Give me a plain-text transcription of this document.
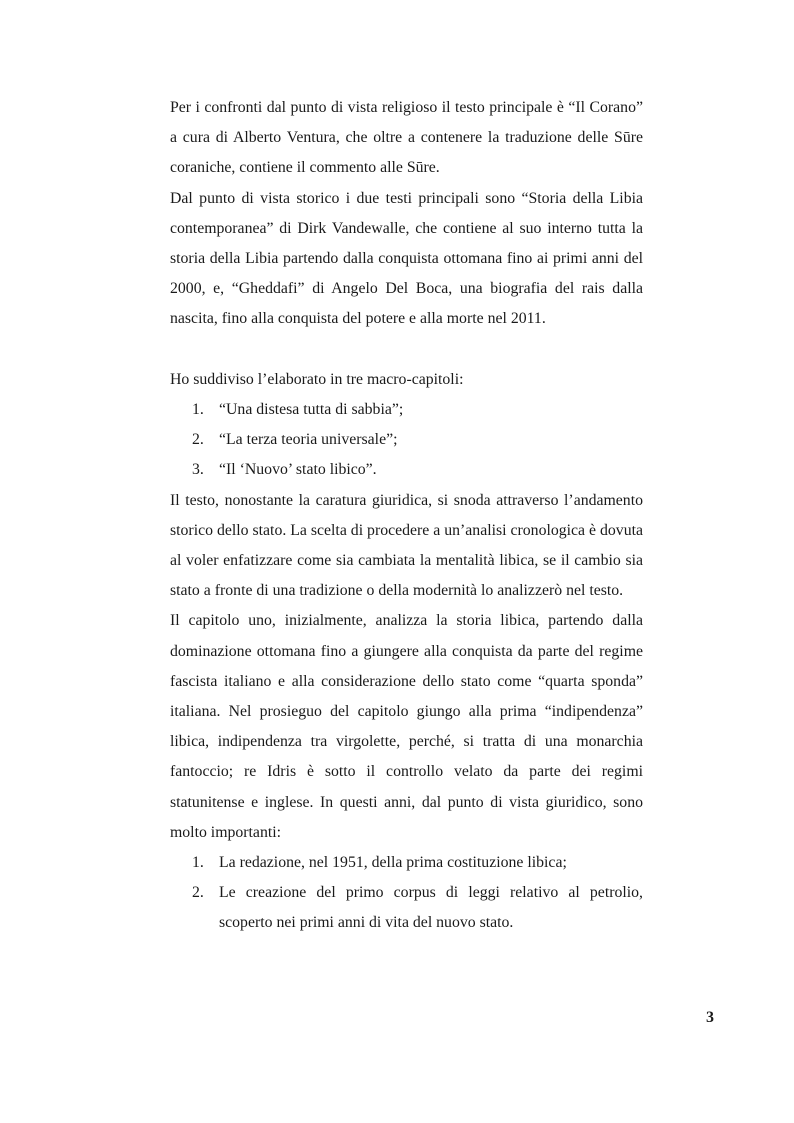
Per i confronti dal punto di vista religioso il testo principale è “Il Corano” a cura di Alberto Ventura, che oltre a contenere la traduzione delle Sūre coraniche, contiene il commento alle Sūre.

Dal punto di vista storico i due testi principali sono “Storia della Libia contemporanea” di Dirk Vandewalle, che contiene al suo interno tutta la storia della Libia partendo dalla conquista ottomana fino ai primi anni del 2000, e, “Gheddafi” di Angelo Del Boca, una biografia del rais dalla nascita, fino alla conquista del potere e alla morte nel 2011.

Ho suddiviso l’elaborato in tre macro-capitoli:

1. “Una distesa tutta di sabbia”;
2. “La terza teoria universale”;
3. “Il ‘Nuovo’ stato libico”.

Il testo, nonostante la caratura giuridica, si snoda attraverso l’andamento storico dello stato. La scelta di procedere a un’analisi cronologica è dovuta al voler enfatizzare come sia cambiata la mentalità libica, se il cambio sia stato a fronte di una tradizione o della modernità lo analizzerò nel testo.

Il capitolo uno, inizialmente, analizza la storia libica, partendo dalla dominazione ottomana fino a giungere alla conquista da parte del regime fascista italiano e alla considerazione dello stato come “quarta sponda” italiana. Nel prosieguo del capitolo giungo alla prima “indipendenza” libica, indipendenza tra virgolette, perché, si tratta di una monarchia fantoccio; re Idris è sotto il controllo velato da parte dei regimi statunitense e inglese. In questi anni, dal punto di vista giuridico, sono molto importanti:

1. La redazione, nel 1951, della prima costituzione libica;
2. Le creazione del primo corpus di leggi relativo al petrolio, scoperto nei primi anni di vita del nuovo stato.
3
